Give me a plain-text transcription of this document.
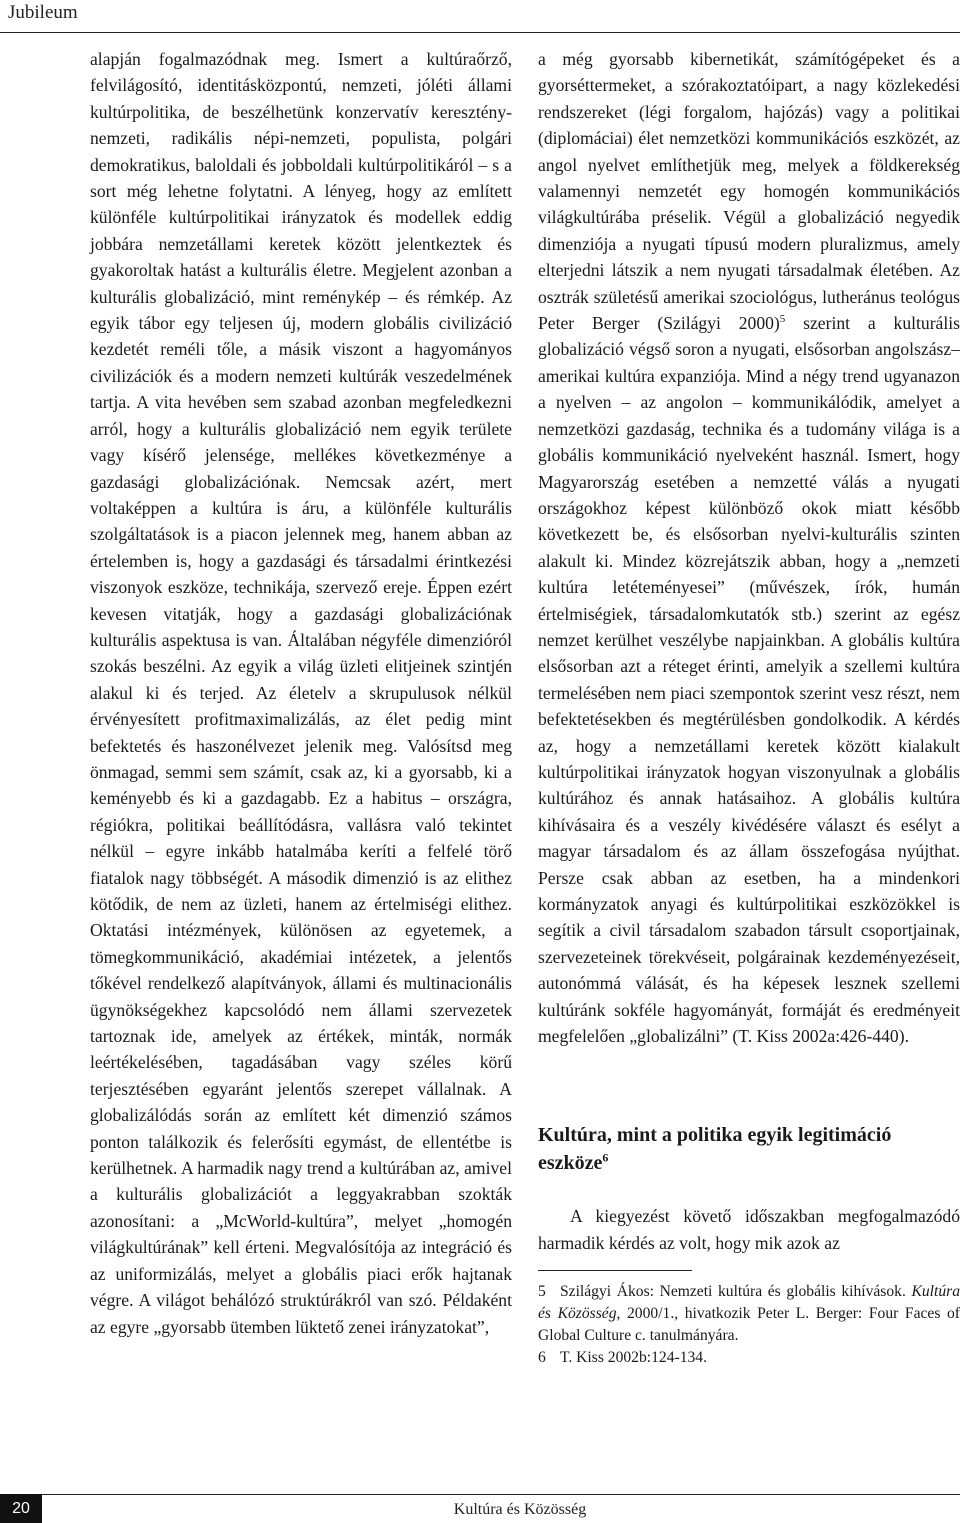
Jubileum

alapján fogalmazódnak meg. Ismert a kultúraőrző, felvilágosító, identitásközpontú, nemzeti, jóléti állami kultúrpolitika, de beszélhetünk konzervatív keresztény-nemzeti, radikális népi-nemzeti, populista, polgári demokratikus, baloldali és jobboldali kultúrpolitikáról – s a sort még lehetne folytatni. A lényeg, hogy az említett különféle kultúrpolitikai irányzatok és modellek eddig jobbára nemzetállami keretek között jelentkeztek és gyakoroltak hatást a kulturális életre. Megjelent azonban a kulturális globalizáció, mint reménykép – és rémkép. Az egyik tábor egy teljesen új, modern globális civilizáció kezdetét reméli tőle, a másik viszont a hagyományos civilizációk és a modern nemzeti kultúrák veszedelmének tartja. A vita hevében sem szabad azonban megfeledkezni arról, hogy a kulturális globalizáció nem egyik területe vagy kísérő jelensége, mellékes következménye a gazdasági globalizációnak. Nemcsak azért, mert voltaképpen a kultúra is áru, a különféle kulturális szolgáltatások is a piacon jelennek meg, hanem abban az értelemben is, hogy a gazdasági és társadalmi érintkezési viszonyok eszköze, technikája, szervező ereje. Éppen ezért kevesen vitatják, hogy a gazdasági globalizációnak kulturális aspektusa is van. Általában négyféle dimenzióról szokás beszélni. Az egyik a világ üzleti elitjeinek szintjén alakul ki és terjed. Az életelv a skrupulusok nélkül érvényesített profitmaximalizálás, az élet pedig mint befektetés és haszonélvezet jelenik meg. Valósítsd meg önmagad, semmi sem számít, csak az, ki a gyorsabb, ki a keményebb és ki a gazdagabb. Ez a habitus – országra, régiókra, politikai beállítódásra, vallásra való tekintet nélkül – egyre inkább hatalmába keríti a felfelé törő fiatalok nagy többségét. A második dimenzió is az elithez kötődik, de nem az üzleti, hanem az értelmiségi elithez. Oktatási intézmények, különösen az egyetemek, a tömegkommunikáció, akadémiai intézetek, a jelentős tőkével rendelkező alapítványok, állami és multinacionális ügynökségekhez kapcsolódó nem állami szervezetek tartoznak ide, amelyek az értékek, minták, normák leértékelésében, tagadásában vagy széles körű terjesztésében egyaránt jelentős szerepet vállalnak. A globalizálódás során az említett két dimenzió számos ponton találkozik és felerősíti egymást, de ellentétbe is kerülhetnek. A harmadik nagy trend a kultúrában az, amivel a kulturális globalizációt a leggyakrabban szokták azonosítani: a „McWorld-kultúra”, melyet „homogén világkultúrának” kell érteni. Megvalósítója az integráció és az uniformizálás, melyet a globális piaci erők hajtanak végre. A világot behálózó struktúrákról van szó. Példaként az egyre „gyorsabb ütemben lüktető zenei irányzatokat”,

a még gyorsabb kibernetikát, számítógépeket és a gyorséttermeket, a szórakoztatóipart, a nagy közlekedési rendszereket (légi forgalom, hajózás) vagy a politikai (diplomáciai) élet nemzetközi kommunikációs eszközét, az angol nyelvet említhetjük meg, melyek a földkerekség valamennyi nemzetét egy homogén kommunikációs világkultúrába préselik. Végül a globalizáció negyedik dimenziója a nyugati típusú modern pluralizmus, amely elterjedni látszik a nem nyugati társadalmak életében. Az osztrák születésű amerikai szociológus, lutheránus teológus Peter Berger (Szilágyi 2000)$^5$ szerint a kulturális globalizáció végső soron a nyugati, elsősorban angolszász–amerikai kultúra expanziója. Mind a négy trend ugyanazon a nyelven – az angolon – kommunikálódik, amelyet a nemzetközi gazdaság, technika és a tudomány világa is a globális kommunikáció nyelveként használ. Ismert, hogy Magyarország esetében a nemzetté válás a nyugati országokhoz képest különböző okok miatt később következett be, és elsősorban nyelvi-kulturális szinten alakult ki. Mindez közrejátszik abban, hogy a „nemzeti kultúra letéteményesei” (művészek, írók, humán értelmiségiek, társadalomkutatók stb.) szerint az egész nemzet kerülhet veszélybe napjainkban. A globális kultúra elsősorban azt a réteget érinti, amelyik a szellemi kultúra termelésében nem piaci szempontok szerint vesz részt, nem befektetésekben és megtérülésben gondolkodik. A kérdés az, hogy a nemzetállami keretek között kialakult kultúrpolitikai irányzatok hogyan viszonyulnak a globális kultúrához és annak hatásaihoz. A globális kultúra kihívásaira és a veszély kivédésére választ és esélyt a magyar társadalom és az állam összefogása nyújthat. Persze csak abban az esetben, ha a mindenkori kormányzatok anyagi és kultúrpolitikai eszközökkel is segítik a civil társadalom szabadon társult csoportjainak, szervezeteinek törekvéseit, polgárainak kezdeményezéseit, autonómmá válását, és ha képesek lesznek szellemi kultúránk sokféle hagyományát, formáját és eredményeit megfelelően „globalizálni” (T. Kiss 2002a:426-440).

Kultúra, mint a politika egyik legitimáció eszköze$^6$

A kiegyezést követő időszakban megfogalmazódó harmadik kérdés az volt, hogy mik azok az

5 Szilágyi Ákos: Nemzeti kultúra és globális kihívások. Kultúra és Közösség, 2000/1., hivatkozik Peter L. Berger: Four Faces of Global Culture c. tanulmányára.
6 T. Kiss 2002b:124-134.
20	Kultúra és Közösség
